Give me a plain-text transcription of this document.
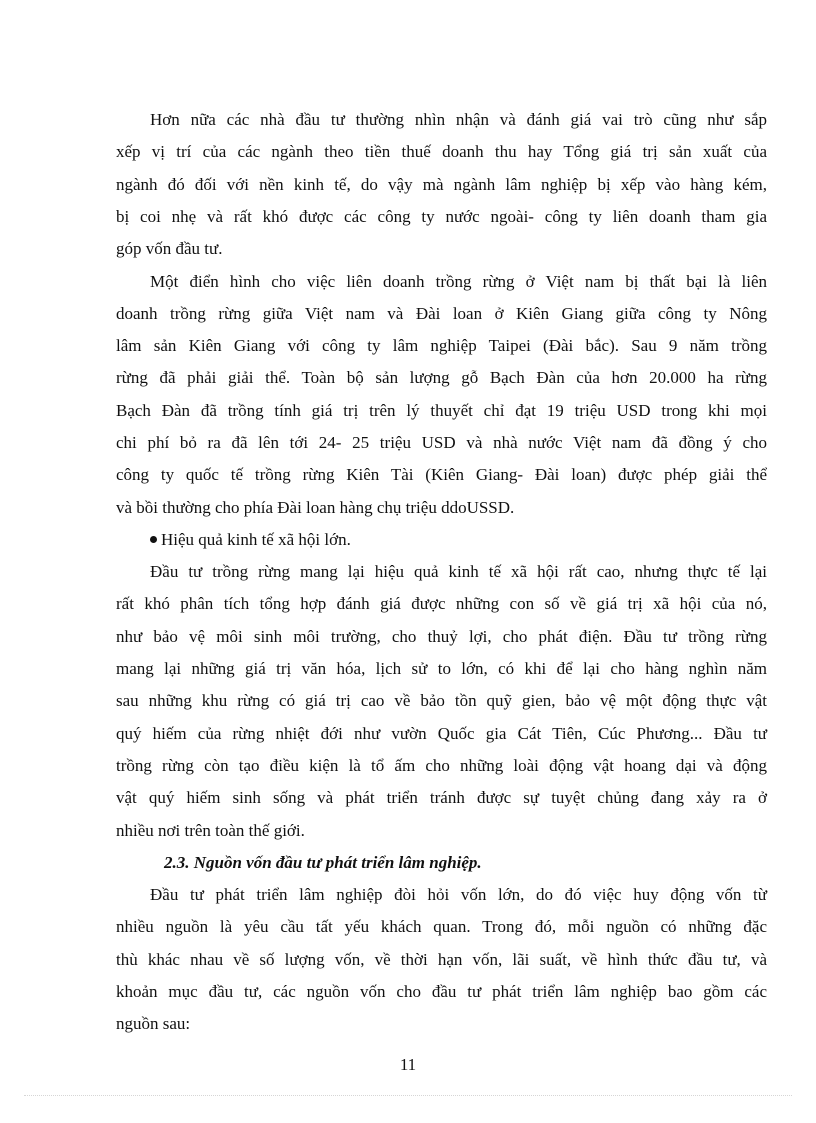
Hơn nữa các nhà đầu tư thường nhìn nhận và đánh giá vai trò cũng như sắp
xếp vị trí của các ngành theo tiền thuế doanh thu hay Tổng giá trị sản xuất của
ngành đó đối với nền kinh tế, do vậy mà ngành lâm nghiệp bị xếp vào hàng kém,
bị coi nhẹ và rất khó được các công ty nước ngoài- công ty liên doanh tham gia
góp vốn đầu tư.
Một điển hình cho việc liên doanh trồng rừng ở Việt nam bị thất bại là liên
doanh trồng rừng giữa Việt nam và Đài loan ở Kiên Giang giữa công ty Nông
lâm sản Kiên Giang với công ty lâm nghiệp Taipei (Đài bắc). Sau 9 năm trồng
rừng đã phải giải thể. Toàn bộ sản lượng gỗ Bạch Đàn của hơn 20.000 ha rừng
Bạch Đàn đã trồng tính giá trị trên lý thuyết chỉ đạt 19 triệu USD trong khi mọi
chi phí bỏ ra đã lên tới 24- 25 triệu USD và nhà nước Việt nam đã đồng ý cho
công ty quốc tế trồng rừng Kiên Tài (Kiên Giang- Đài loan) được phép giải thể
và bồi thường cho phía Đài loan hàng chụ triệu ddoUSSD.
Hiệu quả kinh tế xã hội lớn.
Đầu tư trồng rừng mang lại hiệu quả kinh tế xã hội rất cao, nhưng thực tế lại
rất khó phân tích tổng hợp đánh giá được những con số về giá trị xã hội của nó,
như bảo vệ môi sinh môi trường, cho thuỷ lợi, cho phát điện. Đầu tư trồng rừng
mang lại những giá trị văn hóa, lịch sử to lớn, có khi để lại cho hàng nghìn năm
sau những khu rừng có giá trị cao về bảo tồn quỹ gien, bảo vệ một động thực vật
quý hiếm của rừng nhiệt đới như vườn Quốc gia Cát Tiên, Cúc Phương... Đầu tư
trồng rừng còn tạo điều kiện là tổ ấm cho những loài động vật hoang dại và động
vật quý hiếm sinh sống và phát triển tránh được sự tuyệt chủng đang xảy ra ở
nhiều nơi trên toàn thế giới.
2.3. Nguồn vốn đầu tư phát triển lâm nghiệp.
Đầu tư phát triển lâm nghiệp đòi hỏi vốn lớn, do đó việc huy động vốn từ
nhiều nguồn là yêu cầu tất yếu khách quan. Trong đó, mỗi nguồn có những đặc
thù khác nhau về số lượng vốn, về thời hạn vốn, lãi suất, về hình thức đầu tư, và
khoản mục đầu tư, các nguồn vốn cho đầu tư phát triển lâm nghiệp bao gồm các
nguồn sau:
11
